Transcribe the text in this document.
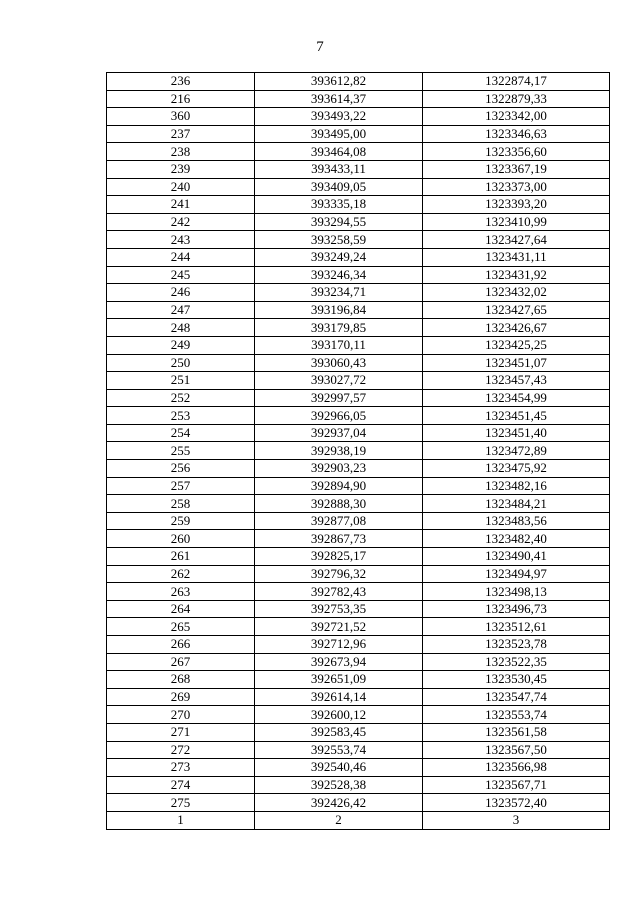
7
236	393612,82	1322874,17
216	393614,37	1322879,33
360	393493,22	1323342,00
237	393495,00	1323346,63
238	393464,08	1323356,60
239	393433,11	1323367,19
240	393409,05	1323373,00
241	393335,18	1323393,20
242	393294,55	1323410,99
243	393258,59	1323427,64
244	393249,24	1323431,11
245	393246,34	1323431,92
246	393234,71	1323432,02
247	393196,84	1323427,65
248	393179,85	1323426,67
249	393170,11	1323425,25
250	393060,43	1323451,07
251	393027,72	1323457,43
252	392997,57	1323454,99
253	392966,05	1323451,45
254	392937,04	1323451,40
255	392938,19	1323472,89
256	392903,23	1323475,92
257	392894,90	1323482,16
258	392888,30	1323484,21
259	392877,08	1323483,56
260	392867,73	1323482,40
261	392825,17	1323490,41
262	392796,32	1323494,97
263	392782,43	1323498,13
264	392753,35	1323496,73
265	392721,52	1323512,61
266	392712,96	1323523,78
267	392673,94	1323522,35
268	392651,09	1323530,45
269	392614,14	1323547,74
270	392600,12	1323553,74
271	392583,45	1323561,58
272	392553,74	1323567,50
273	392540,46	1323566,98
274	392528,38	1323567,71
275	392426,42	1323572,40
1	2	3
